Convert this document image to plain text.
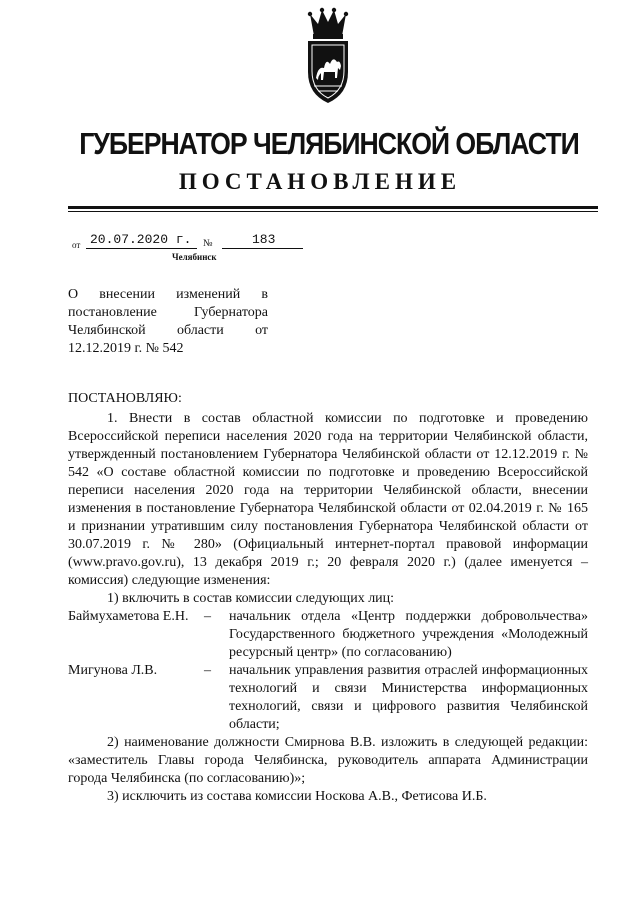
ГУБЕРНАТОР ЧЕЛЯБИНСКОЙ ОБЛАСТИ
ПОСТАНОВЛЕНИЕ
от 20.07.2020 г.	№	183
Челябинск
О внесении изменений в постановление Губернатора Челябинской области от 12.12.2019 г. № 542

ПОСТАНОВЛЯЮ:

1. Внести в состав областной комиссии по подготовке и проведению Всероссийской переписи населения 2020 года на территории Челябинской области, утвержденный постановлением Губернатора Челябинской области от 12.12.2019 г. № 542 «О составе областной комиссии по подготовке и проведению Всероссийской переписи населения 2020 года на территории Челябинской области, внесении изменения в постановление Губернатора Челябинской области от 02.04.2019 г. № 165 и признании утратившим силу постановления Губернатора Челябинской области от 30.07.2019 г. № 280» (Официальный интернет-портал правовой информации (www.pravo.gov.ru), 13 декабря 2019 г.; 20 февраля 2020 г.) (далее именуется – комиссия) следующие изменения:

1) включить в состав комиссии следующих лиц:

Баймухаметова Е.Н.	–	начальник отдела «Центр поддержки добровольчества» Государственного бюджетного учреждения «Молодежный ресурсный центр» (по согласованию)
Мигунова Л.В.	–	начальник управления развития отраслей информационных технологий и связи Министерства информационных технологий, связи и цифрового развития Челябинской области;

2) наименование должности Смирнова В.В. изложить в следующей редакции: «заместитель Главы города Челябинска, руководитель аппарата Администрации города Челябинска (по согласованию)»;

3) исключить из состава комиссии Носкова А.В., Фетисова И.Б.
